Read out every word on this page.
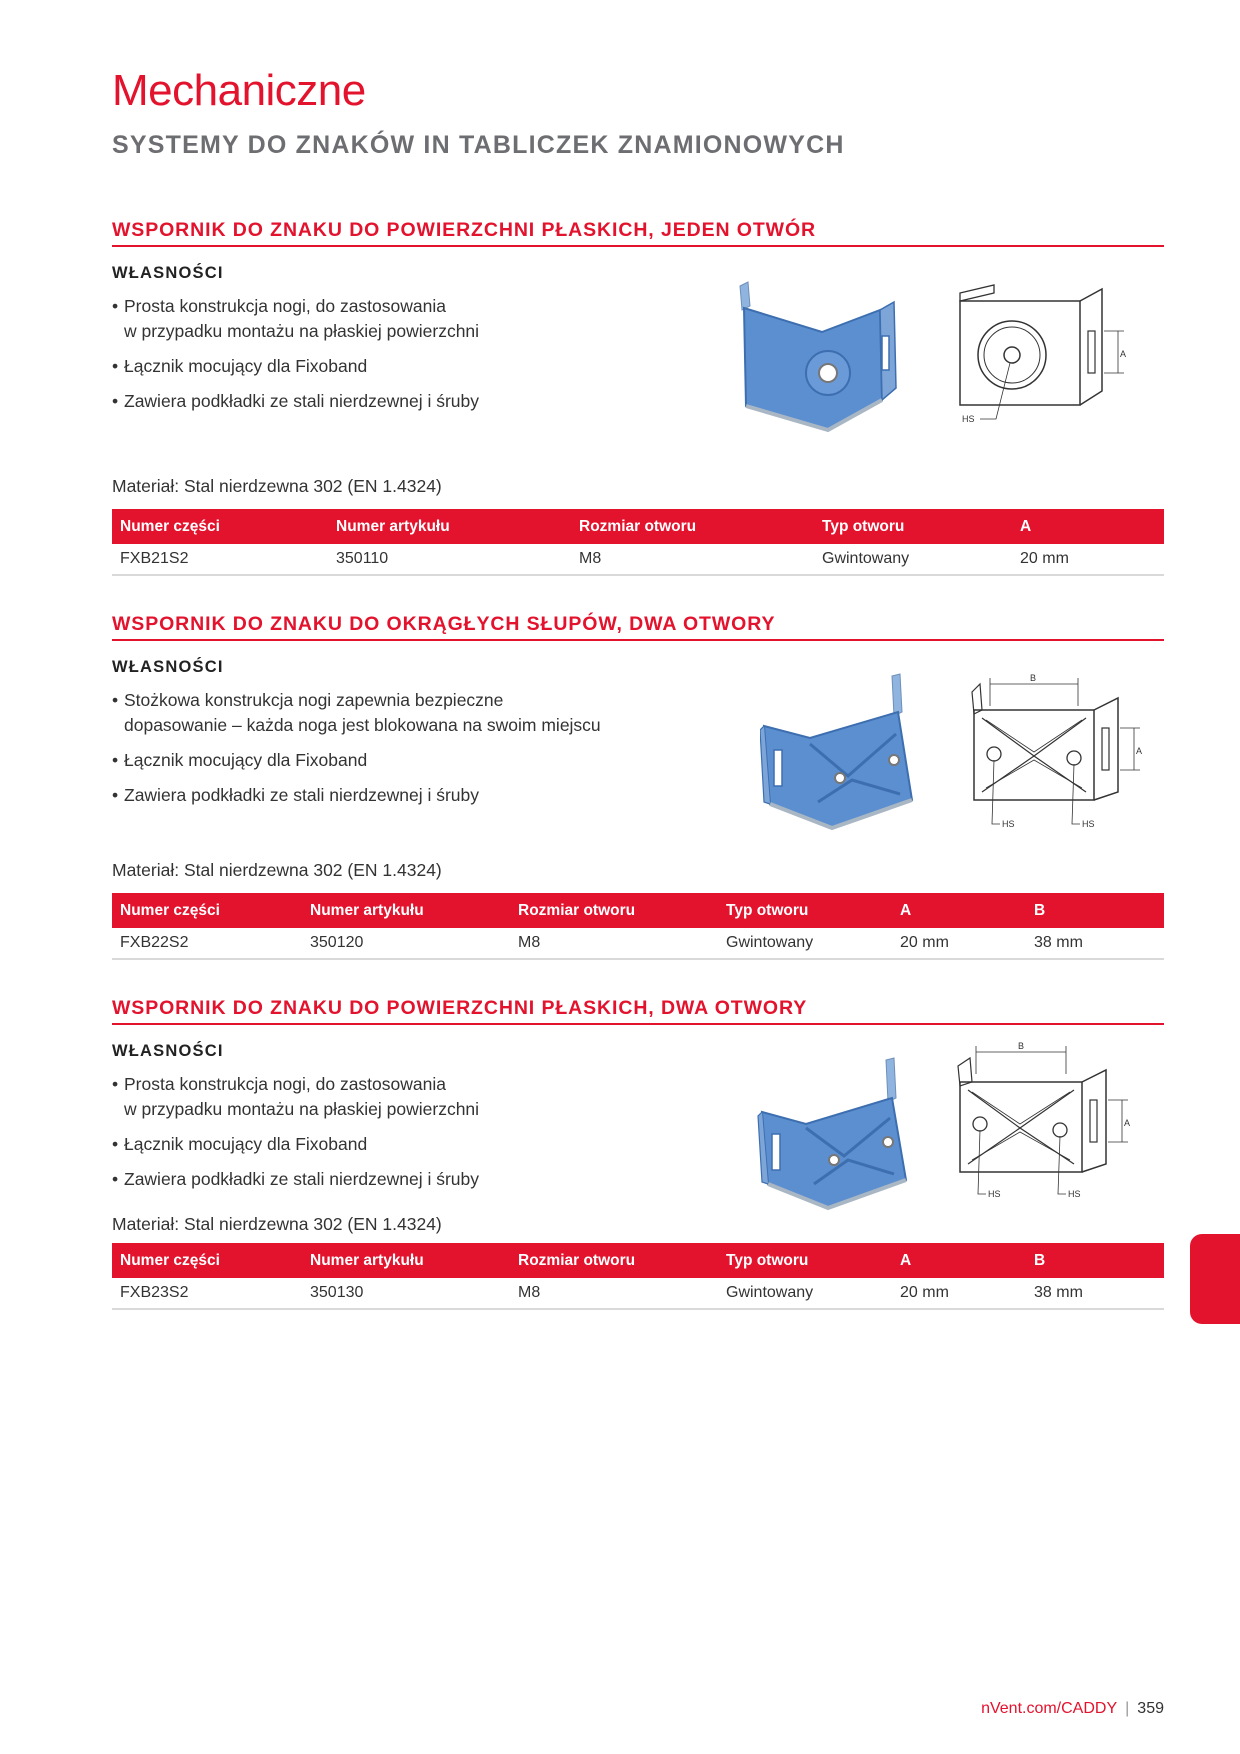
Mechaniczne
SYSTEMY DO ZNAKÓW IN TABLICZEK ZNAMIONOWYCH
WSPORNIK DO ZNAKU DO POWIERZCHNI PŁASKICH, JEDEN OTWÓR
WŁASNOŚCI
• Prosta konstrukcja nogi, do zastosowania
w przypadku montażu na płaskiej powierzchni
• Łącznik mocujący dla Fixoband
• Zawiera podkładki ze stali nierdzewnej i śruby
A
HS
Materiał: Stal nierdzewna 302 (EN 1.4324)
Numer części	Numer artykułu	Rozmiar otworu	Typ otworu	A
FXB21S2	350110	M8	Gwintowany	20 mm
WSPORNIK DO ZNAKU DO OKRĄGŁYCH SŁUPÓW, DWA OTWORY
WŁASNOŚCI
• Stożkowa konstrukcja nogi zapewnia bezpieczne
dopasowanie – każda noga jest blokowana na swoim miejscu
• Łącznik mocujący dla Fixoband
• Zawiera podkładki ze stali nierdzewnej i śruby
B
A
HS	HS
Materiał: Stal nierdzewna 302 (EN 1.4324)
Numer części	Numer artykułu	Rozmiar otworu	Typ otworu	A	B
FXB22S2	350120	M8	Gwintowany	20 mm	38 mm
WSPORNIK DO ZNAKU DO POWIERZCHNI PŁASKICH, DWA OTWORY
WŁASNOŚCI
• Prosta konstrukcja nogi, do zastosowania
w przypadku montażu na płaskiej powierzchni
• Łącznik mocujący dla Fixoband
• Zawiera podkładki ze stali nierdzewnej i śruby
B
A
HS	HS
Materiał: Stal nierdzewna 302 (EN 1.4324)
Numer części	Numer artykułu	Rozmiar otworu	Typ otworu	A	B
FXB23S2	350130	M8	Gwintowany	20 mm	38 mm
nVent.com/CADDY | 359
